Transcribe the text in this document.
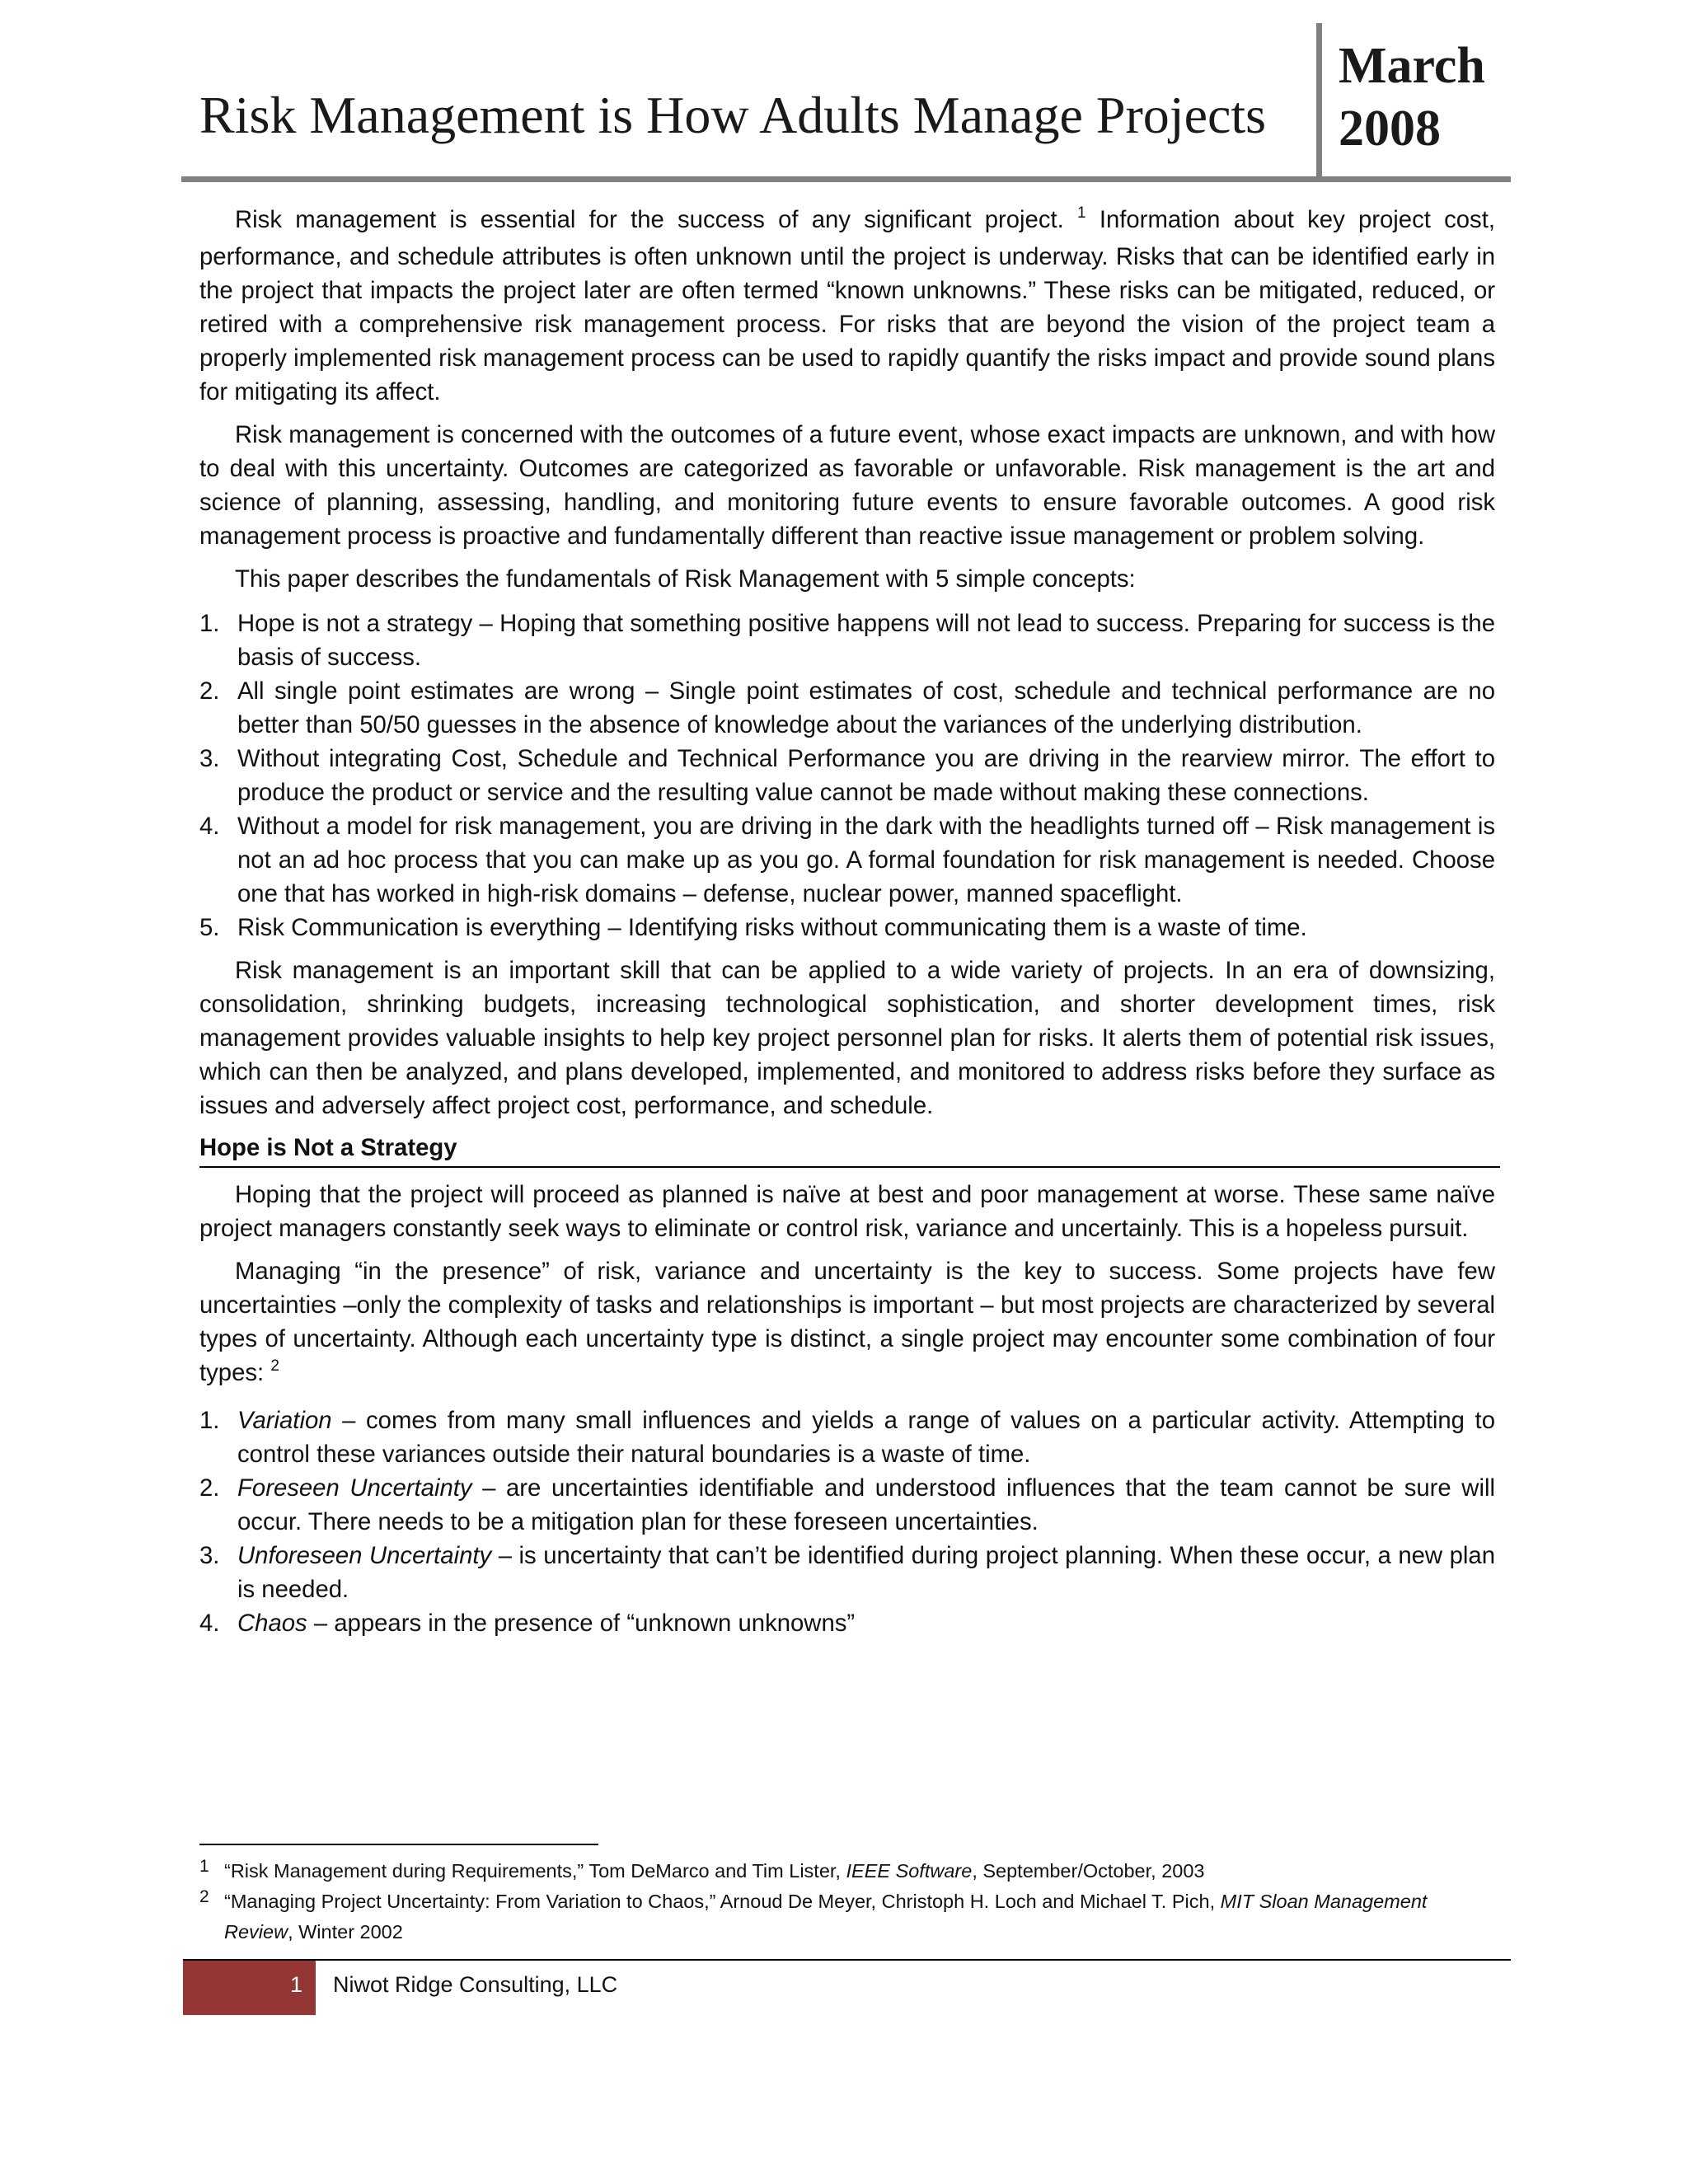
Risk Management is How Adults Manage Projects
March
2008

Risk management is essential for the success of any significant project. $^1$ Information about key project cost, performance, and schedule attributes is often unknown until the project is underway. Risks that can be identified early in the project that impacts the project later are often termed “known unknowns.” These risks can be mitigated, reduced, or retired with a comprehensive risk management process. For risks that are beyond the vision of the project team a properly implemented risk management process can be used to rapidly quantify the risks impact and provide sound plans for mitigating its affect.

Risk management is concerned with the outcomes of a future event, whose exact impacts are unknown, and with how to deal with this uncertainty. Outcomes are categorized as favorable or unfavorable. Risk management is the art and science of planning, assessing, handling, and monitoring future events to ensure favorable outcomes. A good risk management process is proactive and fundamentally different than reactive issue management or problem solving.

This paper describes the fundamentals of Risk Management with 5 simple concepts:

1. Hope is not a strategy – Hoping that something positive happens will not lead to success. Preparing for success is the basis of success.
2. All single point estimates are wrong – Single point estimates of cost, schedule and technical performance are no better than 50/50 guesses in the absence of knowledge about the variances of the underlying distribution.
3. Without integrating Cost, Schedule and Technical Performance you are driving in the rearview mirror. The effort to produce the product or service and the resulting value cannot be made without making these connections.
4. Without a model for risk management, you are driving in the dark with the headlights turned off – Risk management is not an ad hoc process that you can make up as you go. A formal foundation for risk management is needed. Choose one that has worked in high-risk domains – defense, nuclear power, manned spaceflight.
5. Risk Communication is everything – Identifying risks without communicating them is a waste of time.

Risk management is an important skill that can be applied to a wide variety of projects. In an era of downsizing, consolidation, shrinking budgets, increasing technological sophistication, and shorter development times, risk management provides valuable insights to help key project personnel plan for risks. It alerts them of potential risk issues, which can then be analyzed, and plans developed, implemented, and monitored to address risks before they surface as issues and adversely affect project cost, performance, and schedule.

Hope is Not a Strategy

Hoping that the project will proceed as planned is naïve at best and poor management at worse. These same naïve project managers constantly seek ways to eliminate or control risk, variance and uncertainly. This is a hopeless pursuit.

Managing “in the presence” of risk, variance and uncertainty is the key to success. Some projects have few uncertainties –only the complexity of tasks and relationships is important – but most projects are characterized by several types of uncertainty. Although each uncertainty type is distinct, a single project may encounter some combination of four types: $^2$

1. Variation – comes from many small influences and yields a range of values on a particular activity. Attempting to control these variances outside their natural boundaries is a waste of time.
2. Foreseen Uncertainty – are uncertainties identifiable and understood influences that the team cannot be sure will occur. There needs to be a mitigation plan for these foreseen uncertainties.
3. Unforeseen Uncertainty – is uncertainty that can’t be identified during project planning. When these occur, a new plan is needed.
4. Chaos – appears in the presence of “unknown unknowns”
1 “Risk Management during Requirements,” Tom DeMarco and Tim Lister, IEEE Software, September/October, 2003
2 “Managing Project Uncertainty: From Variation to Chaos,” Arnoud De Meyer, Christoph H. Loch and Michael T. Pich, MIT Sloan Management Review, Winter 2002
1 Niwot Ridge Consulting, LLC
